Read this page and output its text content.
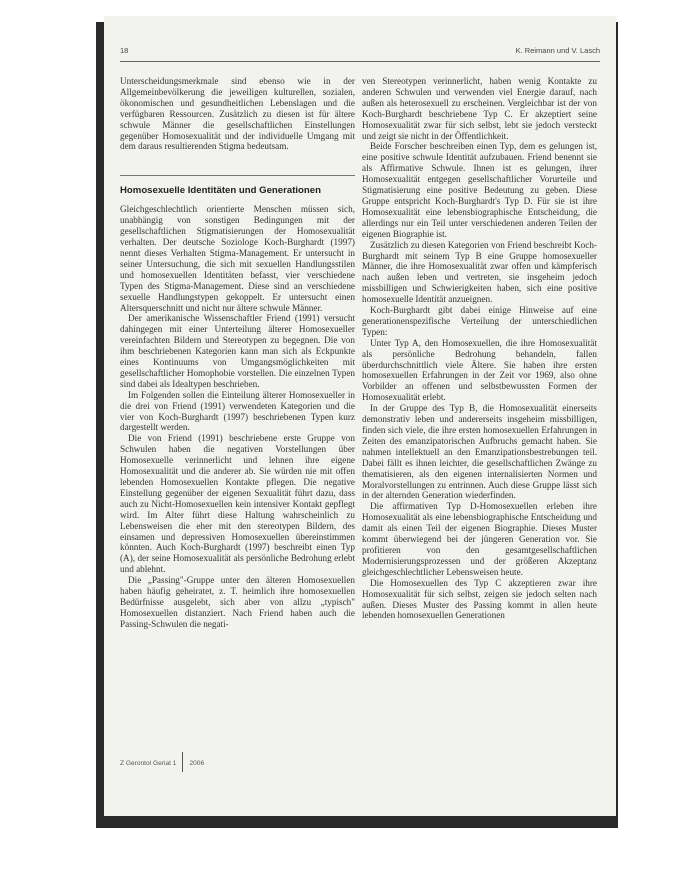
18	K. Reimann und V. Lasch

Unterscheidungsmerkmale sind ebenso wie in der Allgemeinbevölkerung die jeweiligen kulturellen, sozialen, ökonomischen und gesundheitlichen Lebenslagen und die verfügbaren Ressourcen. Zusätzlich zu diesen ist für ältere schwule Männer die gesellschaftlichen Einstellungen gegenüber Homosexualität und der individuelle Umgang mit dem daraus resultierenden Stigma bedeutsam.

Homosexuelle Identitäten und Generationen

Gleichgeschlechtlich orientierte Menschen müssen sich, unabhängig von sonstigen Bedingungen mit der gesellschaftlichen Stigmatisierungen der Homosexualität verhalten. Der deutsche Soziologe Koch-Burghardt (1997) nennt dieses Verhalten Stigma-Management. Er untersucht in seiner Untersuchung, die sich mit sexuellen Handlungsstilen und homosexuellen Identitäten befasst, vier verschiedene Typen des Stigma-Management. Diese sind an verschiedene sexuelle Handlungstypen gekoppelt. Er untersucht einen Altersquerschnitt und nicht nur ältere schwule Männer.

Der amerikanische Wissenschaftler Friend (1991) versucht dahingegen mit einer Unterteilung älterer Homosexueller vereinfachten Bildern und Stereotypen zu begegnen. Die von ihm beschriebenen Kategorien kann man sich als Eckpunkte eines Kontinuums von Umgangsmöglichkeiten mit gesellschaftlicher Homophobie vorstellen. Die einzelnen Typen sind dabei als Idealtypen beschrieben.

Im Folgenden sollen die Einteilung älterer Homosexueller in die drei von Friend (1991) verwendeten Kategorien und die vier von Koch-Burghardt (1997) beschriebenen Typen kurz dargestellt werden.

Die von Friend (1991) beschriebene erste Gruppe von Schwulen haben die negativen Vorstellungen über Homosexuelle verinnerlicht und lehnen ihre eigene Homosexualität und die anderer ab. Sie würden nie mit offen lebenden Homosexuellen Kontakte pflegen. Die negative Einstellung gegenüber der eigenen Sexualität führt dazu, dass auch zu Nicht-Homosexuellen kein intensiver Kontakt gepflegt wird. Im Alter führt diese Haltung wahrscheinlich zu Lebensweisen die eher mit den stereotypen Bildern, des einsamen und depressiven Homosexuellen übereinstimmen könnten. Auch Koch-Burghardt (1997) beschreibt einen Typ (A), der seine Homosexualität als persönliche Bedrohung erlebt und ablehnt.

Die „Passing"-Gruppe unter den älteren Homosexuellen haben häufig geheiratet, z. T. heimlich ihre homosexuellen Bedürfnisse ausgelebt, sich aber von allzu „typisch" Homosexuellen distanziert. Nach Friend haben auch die Passing-Schwulen die negati-

ven Stereotypen verinnerlicht, haben wenig Kontakte zu anderen Schwulen und verwenden viel Energie darauf, nach außen als heterosexuell zu erscheinen. Vergleichbar ist der von Koch-Burghardt beschriebene Typ C. Er akzeptiert seine Homosexualität zwar für sich selbst, lebt sie jedoch versteckt und zeigt sie nicht in der Öffentlichkeit.

Beide Forscher beschreiben einen Typ, dem es gelungen ist, eine positive schwule Identität aufzubauen. Friend benennt sie als Affirmative Schwule. Ihnen ist es gelungen, ihrer Homosexualität entgegen gesellschaftlicher Vorurteile und Stigmatisierung eine positive Bedeutung zu geben. Diese Gruppe entspricht Koch-Burghardt's Typ D. Für sie ist ihre Homosexualität eine lebensbiographische Entscheidung, die allerdings nur ein Teil unter verschiedenen anderen Teilen der eigenen Biographie ist.

Zusätzlich zu diesen Kategorien von Friend beschreibt Koch-Burghardt mit seinem Typ B eine Gruppe homosexueller Männer, die ihre Homosexualität zwar offen und kämpferisch nach außen leben und vertreten, sie insgeheim jedoch missbilligen und Schwierigkeiten haben, sich eine positive homosexuelle Identität anzueignen.

Koch-Burghardt gibt dabei einige Hinweise auf eine generationenspezifische Verteilung der unterschiedlichen Typen:

Unter Typ A, den Homosexuellen, die ihre Homosexualität als persönliche Bedrohung behandeln, fallen überdurchschnittlich viele Ältere. Sie haben ihre ersten homosexuellen Erfahrungen in der Zeit vor 1969, also ohne Vorbilder an offenen und selbstbewussten Formen der Homosexualität erlebt.

In der Gruppe des Typ B, die Homosexualität einerseits demonstrativ leben und andererseits insgeheim missbilligen, finden sich viele, die ihre ersten homosexuellen Erfahrungen in Zeiten des emanzipatorischen Aufbruchs gemacht haben. Sie nahmen intellektuell an den Emanzipationsbestrebungen teil. Dabei fällt es ihnen leichter, die gesellschaftlichen Zwänge zu thematisieren, als den eigenen internalisierten Normen und Moralvorstellungen zu entrinnen. Auch diese Gruppe lässt sich in der alternden Generation wiederfinden.

Die affirmativen Typ D-Homosexuellen erleben ihre Homosexualität als eine lebensbiographische Entscheidung und damit als einen Teil der eigenen Biographie. Dieses Muster kommt überwiegend bei der jüngeren Generation vor. Sie profitieren von den gesamtgesellschaftlichen Modernisierungsprozessen und der größeren Akzeptanz gleichgeschlechtlicher Lebensweisen heute.

Die Homosexuellen des Typ C akzeptieren zwar ihre Homosexualität für sich selbst, zeigen sie jedoch selten nach außen. Dieses Muster des Passing kommt in allen heute lebenden homosexuellen Generationen

Z Gerontol Geriat 1 2006
